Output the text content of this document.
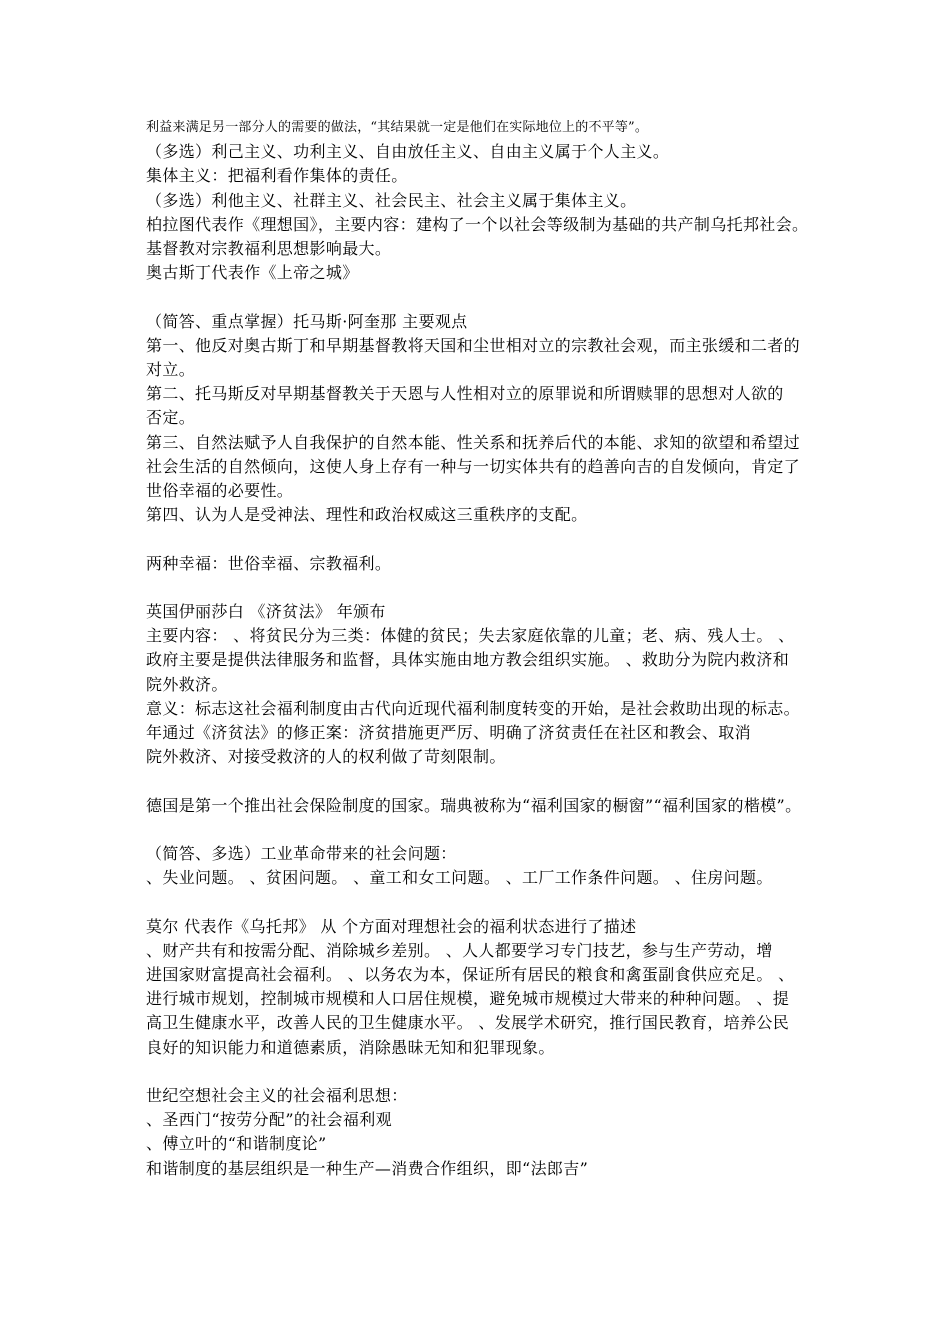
利益来满足另一部分人的需要的做法，“其结果就一定是他们在实际地位上的不平等”。
（多选）利己主义、功利主义、自由放任主义、自由主义属于个人主义。
集体主义：把福利看作集体的责任。
（多选）利他主义、社群主义、社会民主、社会主义属于集体主义。
柏拉图代表作《理想国》，主要内容：建构了一个以社会等级制为基础的共产制乌托邦社会。
基督教对宗教福利思想影响最大。
奥古斯丁代表作《上帝之城》
（简答、重点掌握）托马斯·阿奎那 主要观点
第一、他反对奥古斯丁和早期基督教将天国和尘世相对立的宗教社会观，而主张缓和二者的
对立。
第二、托马斯反对早期基督教关于天恩与人性相对立的原罪说和所谓赎罪的思想对人欲的
否定。
第三、自然法赋予人自我保护的自然本能、性关系和抚养后代的本能、求知的欲望和希望过
社会生活的自然倾向，这使人身上存有一种与一切实体共有的趋善向吉的自发倾向，肯定了
世俗幸福的必要性。
第四、认为人是受神法、理性和政治权威这三重秩序的支配。
两种幸福：世俗幸福、宗教福利。
英国伊丽莎白 《济贫法》 年颁布
主要内容： 、将贫民分为三类：体健的贫民；失去家庭依靠的儿童；老、病、残人士。 、
政府主要是提供法律服务和监督，具体实施由地方教会组织实施。 、救助分为院内救济和
院外救济。
意义：标志这社会福利制度由古代向近现代福利制度转变的开始，是社会救助出现的标志。
年通过《济贫法》的修正案：济贫措施更严厉、明确了济贫责任在社区和教会、取消
院外救济、对接受救济的人的权利做了苛刻限制。
德国是第一个推出社会保险制度的国家。瑞典被称为“福利国家的橱窗”“福利国家的楷模”。
（简答、多选）工业革命带来的社会问题：
、失业问题。 、贫困问题。 、童工和女工问题。 、工厂工作条件问题。 、住房问题。
莫尔 代表作《乌托邦》 从 个方面对理想社会的福利状态进行了描述
、财产共有和按需分配、消除城乡差别。 、人人都要学习专门技艺，参与生产劳动，增
进国家财富提高社会福利。 、以务农为本，保证所有居民的粮食和禽蛋副食供应充足。 、
进行城市规划，控制城市规模和人口居住规模，避免城市规模过大带来的种种问题。 、提
高卫生健康水平，改善人民的卫生健康水平。 、发展学术研究，推行国民教育，培养公民
良好的知识能力和道德素质，消除愚昧无知和犯罪现象。
世纪空想社会主义的社会福利思想：
、圣西门“按劳分配”的社会福利观
、傅立叶的“和谐制度论”
和谐制度的基层组织是一种生产—消费合作组织，即“法郎吉”
